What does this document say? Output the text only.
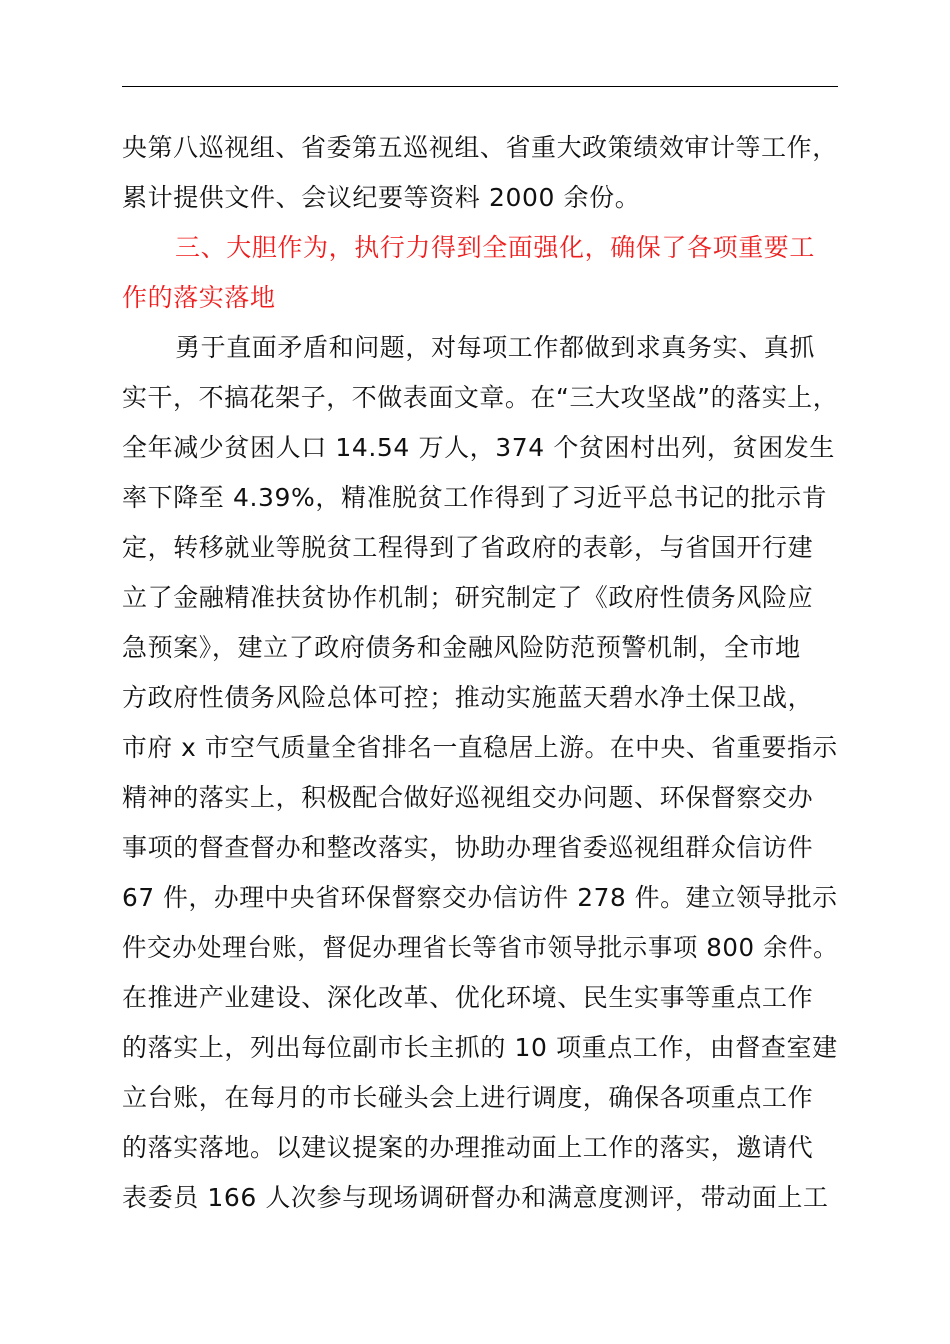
央第八巡视组、省委第五巡视组、省重大政策绩效审计等工作，
累计提供文件、会议纪要等资料 2000 余份。
三、大胆作为，执行力得到全面强化，确保了各项重要工
作的落实落地
勇于直面矛盾和问题，对每项工作都做到求真务实、真抓
实干，不搞花架子，不做表面文章。在“三大攻坚战”的落实上，
全年减少贫困人口 14.54 万人，374 个贫困村出列，贫困发生
率下降至 4.39%，精准脱贫工作得到了习近平总书记的批示肯
定，转移就业等脱贫工程得到了省政府的表彰，与省国开行建
立了金融精准扶贫协作机制；研究制定了《政府性债务风险应
急预案》，建立了政府债务和金融风险防范预警机制，全市地
方政府性债务风险总体可控；推动实施蓝天碧水净土保卫战，
市府 x 市空气质量全省排名一直稳居上游。在中央、省重要指示
精神的落实上，积极配合做好巡视组交办问题、环保督察交办
事项的督查督办和整改落实，协助办理省委巡视组群众信访件
67 件，办理中央省环保督察交办信访件 278 件。建立领导批示
件交办处理台账，督促办理省长等省市领导批示事项 800 余件。
在推进产业建设、深化改革、优化环境、民生实事等重点工作
的落实上，列出每位副市长主抓的 10 项重点工作，由督查室建
立台账，在每月的市长碰头会上进行调度，确保各项重点工作
的落实落地。以建议提案的办理推动面上工作的落实，邀请代
表委员 166 人次参与现场调研督办和满意度测评，带动面上工
